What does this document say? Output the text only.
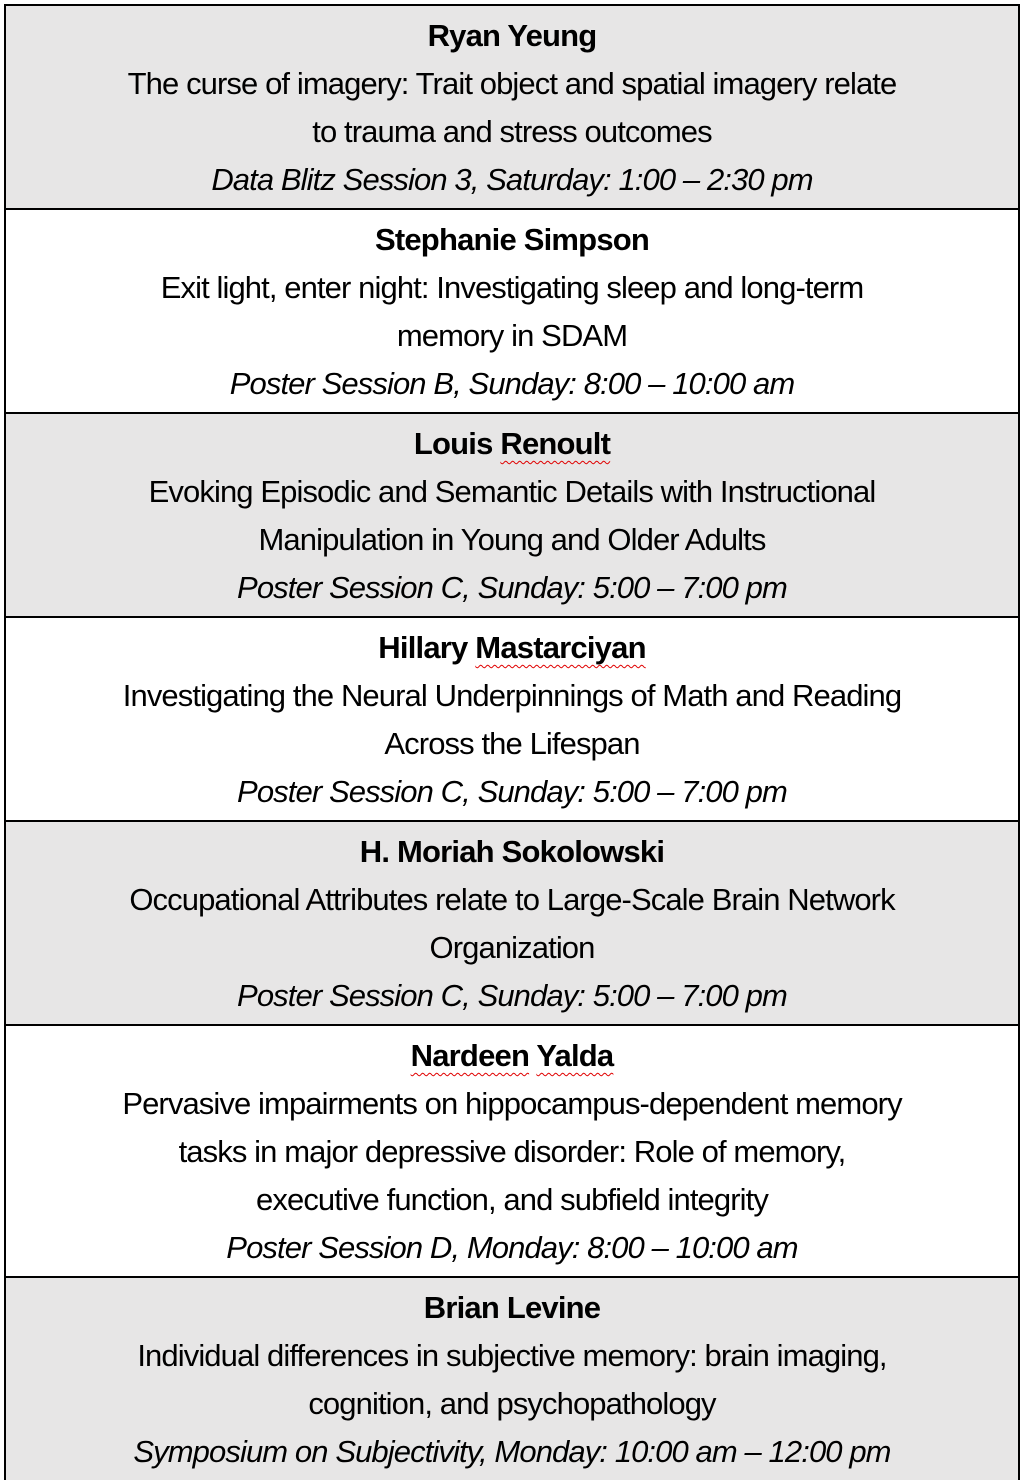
Ryan Yeung
The curse of imagery: Trait object and spatial imagery relate
to trauma and stress outcomes
Data Blitz Session 3, Saturday: 1:00 – 2:30 pm
Stephanie Simpson
Exit light, enter night: Investigating sleep and long-term
memory in SDAM
Poster Session B, Sunday: 8:00 – 10:00 am
Louis Renoult
Evoking Episodic and Semantic Details with Instructional
Manipulation in Young and Older Adults
Poster Session C, Sunday: 5:00 – 7:00 pm
Hillary Mastarciyan
Investigating the Neural Underpinnings of Math and Reading
Across the Lifespan
Poster Session C, Sunday: 5:00 – 7:00 pm
H. Moriah Sokolowski
Occupational Attributes relate to Large-Scale Brain Network
Organization
Poster Session C, Sunday: 5:00 – 7:00 pm
Nardeen Yalda
Pervasive impairments on hippocampus-dependent memory
tasks in major depressive disorder: Role of memory,
executive function, and subfield integrity
Poster Session D, Monday: 8:00 – 10:00 am
Brian Levine
Individual differences in subjective memory: brain imaging,
cognition, and psychopathology
Symposium on Subjectivity, Monday: 10:00 am – 12:00 pm
